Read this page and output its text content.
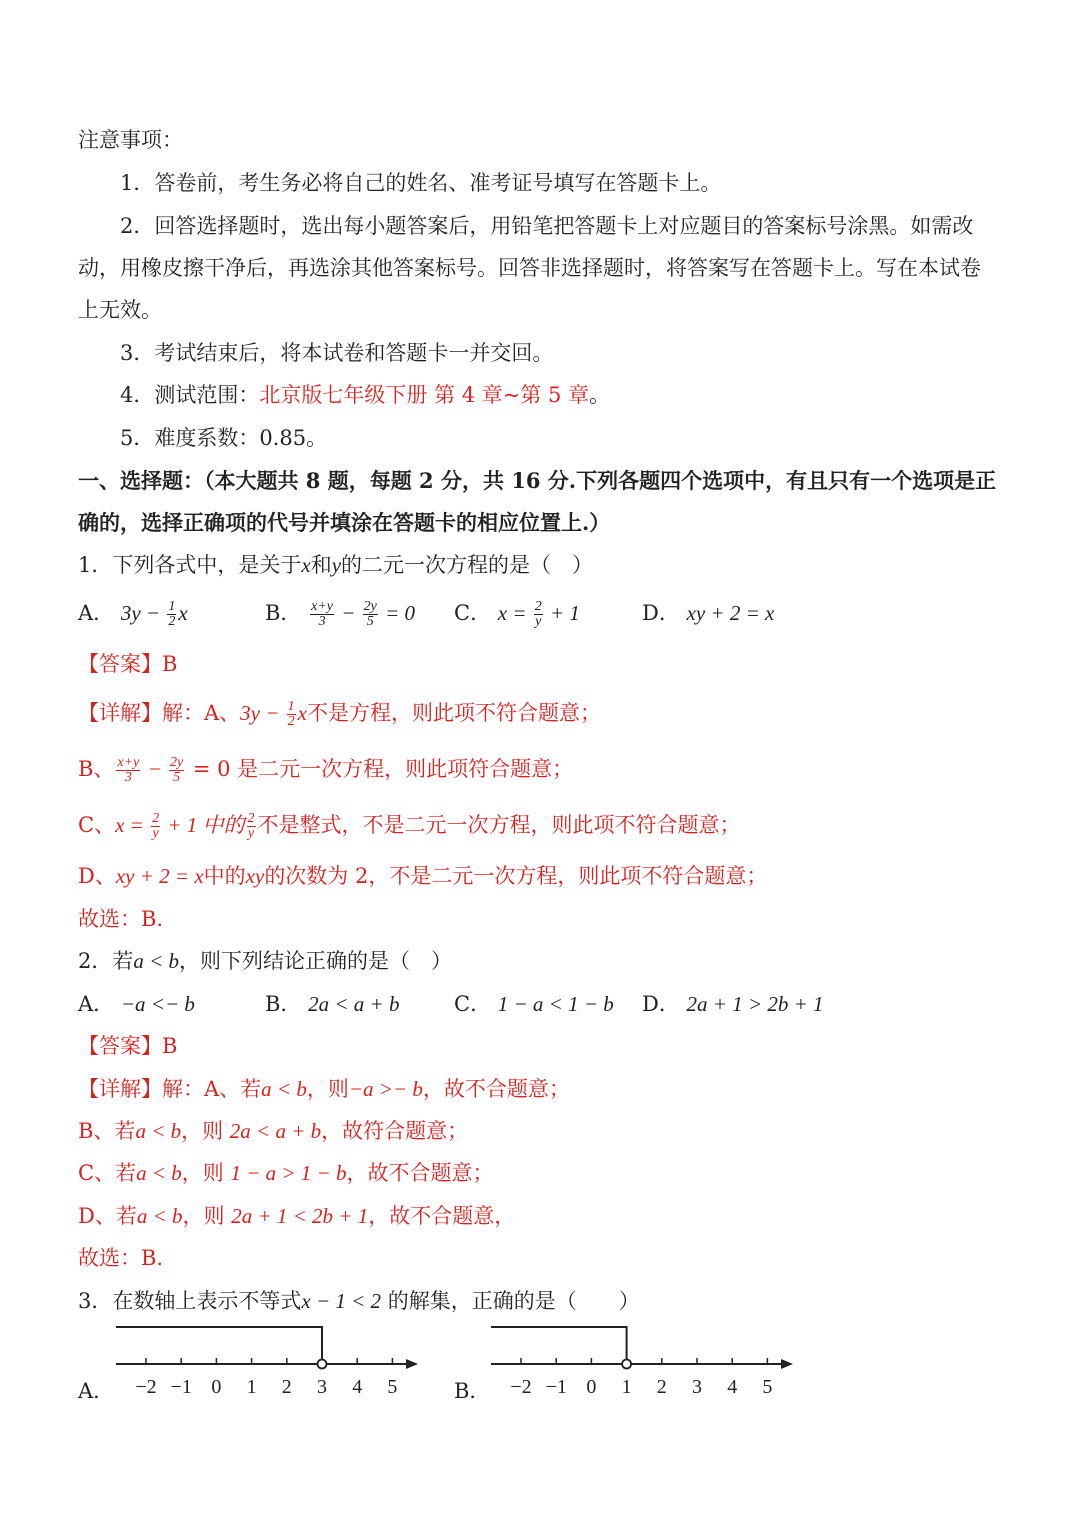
注意事项：
1．答卷前，考生务必将自己的姓名、准考证号填写在答题卡上。
2．回答选择题时，选出每小题答案后，用铅笔把答题卡上对应题目的答案标号涂黑。如需改
动，用橡皮擦干净后，再选涂其他答案标号。回答非选择题时，将答案写在答题卡上。写在本试卷
上无效。
3．考试结束后，将本试卷和答题卡一并交回。
4．测试范围：北京版七年级下册 第 4 章~第 5 章。
5．难度系数：0.85。
一、选择题：（本大题共 8 题，每题 2 分，共 16 分.下列各题四个选项中，有且只有一个选项是正
确的，选择正确项的代号并填涂在答题卡的相应位置上.）
1．下列各式中，是关于x和y的二元一次方程的是（　）
A． $3y - \frac{1}{2}$ x	B． $\frac{x+y}{3} - \frac{2y}{5} = 0$ C． $x = \frac{2}{y} + 1$	D． xy + 2 = x
【答案】B
【详解】解：A、$3y - \frac{1}{2}$ x不是方程，则此项不符合题意；
B、 $\frac{x+y}{3} - \frac{2y}{5} = 0$ 是二元一次方程，则此项符合题意；
C、$x = \frac{2}{y} + 1$ 中的 $\frac{2}{y}$ 不是整式，不是二元一次方程，则此项不符合题意；
D、xy + 2 = x中的xy的次数为 2，不是二元一次方程，则此项不符合题意；
故选：B.
2．若a < b，则下列结论正确的是（　）
A． −a <− b	B． 2a < a + b	C． 1 − a < 1 − b D． 2a + 1 > 2b + 1
【答案】B
【详解】解：A、若a < b，则−a >− b，故不合题意；
B、若a < b，则 2a < a + b，故符合题意；
C、若a < b，则 1 − a > 1 − b，故不合题意；
D、若a < b，则 2a + 1 < 2b + 1，故不合题意，
故选：B.
3．在数轴上表示不等式x − 1 < 2 的解集，正确的是（　　）
A． −2 −1 0 1 2 3 4 5	B． −2 −1 0 1 2 3 4 5
